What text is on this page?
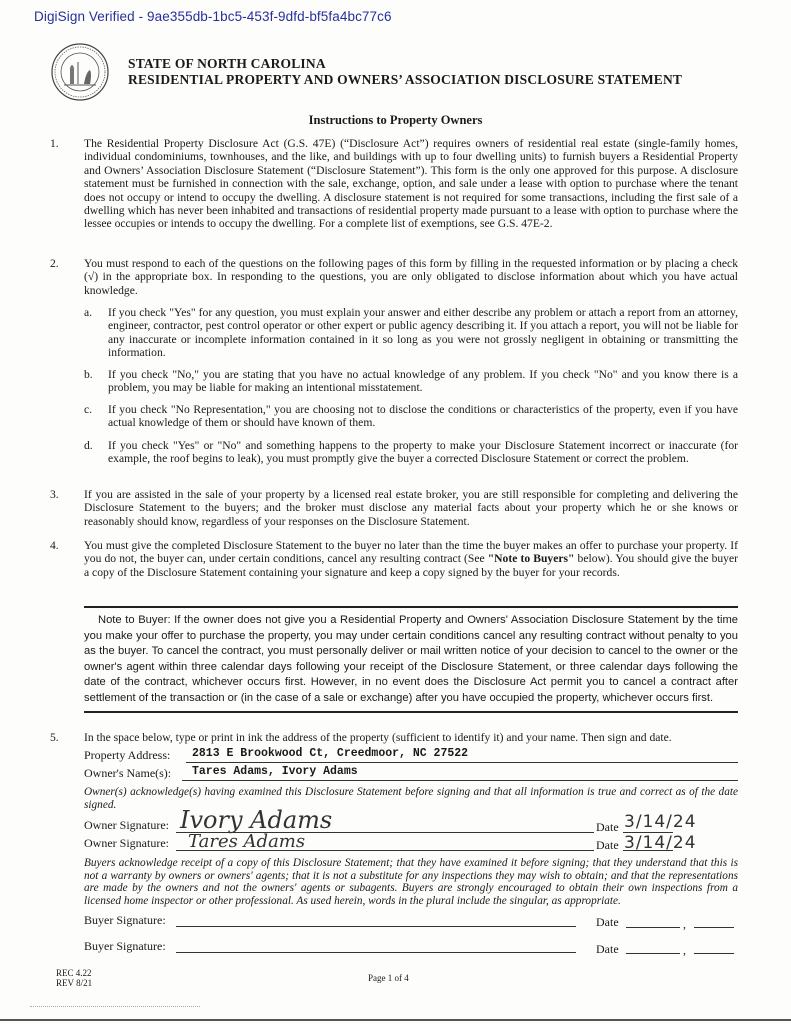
DigiSign Verified - 9ae355db-1bc5-453f-9dfd-bf5fa4bc77c6
STATE OF NORTH CAROLINA
RESIDENTIAL PROPERTY AND OWNERS’ ASSOCIATION DISCLOSURE STATEMENT
Instructions to Property Owners
1. The Residential Property Disclosure Act (G.S. 47E) (“Disclosure Act”) requires owners of residential real estate (single-family homes, individual condominiums, townhouses, and the like, and buildings with up to four dwelling units) to furnish buyers a Residential Property and Owners’ Association Disclosure Statement (“Disclosure Statement”). This form is the only one approved for this purpose. A disclosure statement must be furnished in connection with the sale, exchange, option, and sale under a lease with option to purchase where the tenant does not occupy or intend to occupy the dwelling. A disclosure statement is not required for some transactions, including the first sale of a dwelling which has never been inhabited and transactions of residential property made pursuant to a lease with option to purchase where the lessee occupies or intends to occupy the dwelling. For a complete list of exemptions, see G.S. 47E-2.
2. You must respond to each of the questions on the following pages of this form by filling in the requested information or by placing a check (√) in the appropriate box. In responding to the questions, you are only obligated to disclose information about which you have actual knowledge.
a. If you check "Yes" for any question, you must explain your answer and either describe any problem or attach a report from an attorney, engineer, contractor, pest control operator or other expert or public agency describing it. If you attach a report, you will not be liable for any inaccurate or incomplete information contained in it so long as you were not grossly negligent in obtaining or transmitting the information.
b. If you check "No," you are stating that you have no actual knowledge of any problem. If you check "No" and you know there is a problem, you may be liable for making an intentional misstatement.
c. If you check "No Representation," you are choosing not to disclose the conditions or characteristics of the property, even if you have actual knowledge of them or should have known of them.
d. If you check "Yes" or "No" and something happens to the property to make your Disclosure Statement incorrect or inaccurate (for example, the roof begins to leak), you must promptly give the buyer a corrected Disclosure Statement or correct the problem.
3. If you are assisted in the sale of your property by a licensed real estate broker, you are still responsible for completing and delivering the Disclosure Statement to the buyers; and the broker must disclose any material facts about your property which he or she knows or reasonably should know, regardless of your responses on the Disclosure Statement.
4. You must give the completed Disclosure Statement to the buyer no later than the time the buyer makes an offer to purchase your property. If you do not, the buyer can, under certain conditions, cancel any resulting contract (See "Note to Buyers" below). You should give the buyer a copy of the Disclosure Statement containing your signature and keep a copy signed by the buyer for your records.
Note to Buyer: If the owner does not give you a Residential Property and Owners' Association Disclosure Statement by the time you make your offer to purchase the property, you may under certain conditions cancel any resulting contract without penalty to you as the buyer. To cancel the contract, you must personally deliver or mail written notice of your decision to cancel to the owner or the owner's agent within three calendar days following your receipt of the Disclosure Statement, or three calendar days following the date of the contract, whichever occurs first. However, in no event does the Disclosure Act permit you to cancel a contract after settlement of the transaction or (in the case of a sale or exchange) after you have occupied the property, whichever occurs first.
5. In the space below, type or print in ink the address of the property (sufficient to identify it) and your name. Then sign and date.
Property Address: 2813 E Brookwood Ct, Creedmoor, NC 27522
Owner's Name(s): Tares Adams, Ivory Adams
Owner(s) acknowledge(s) having examined this Disclosure Statement before signing and that all information is true and correct as of the date signed.
Owner Signature: Ivory Adams	Date 3/14/24
Owner Signature: Tares Adams	Date 3/14/24
Buyers acknowledge receipt of a copy of this Disclosure Statement; that they have examined it before signing; that they understand that this is not a warranty by owners or owners' agents; that it is not a substitute for any inspections they may wish to obtain; and that the representations are made by the owners and not the owners' agents or subagents. Buyers are strongly encouraged to obtain their own inspections from a licensed home inspector or other professional. As used herein, words in the plural include the singular, as appropriate.
Buyer Signature:	Date	,
Buyer Signature:	Date	,
REC 4.22
REV 8/21	Page 1 of 4
